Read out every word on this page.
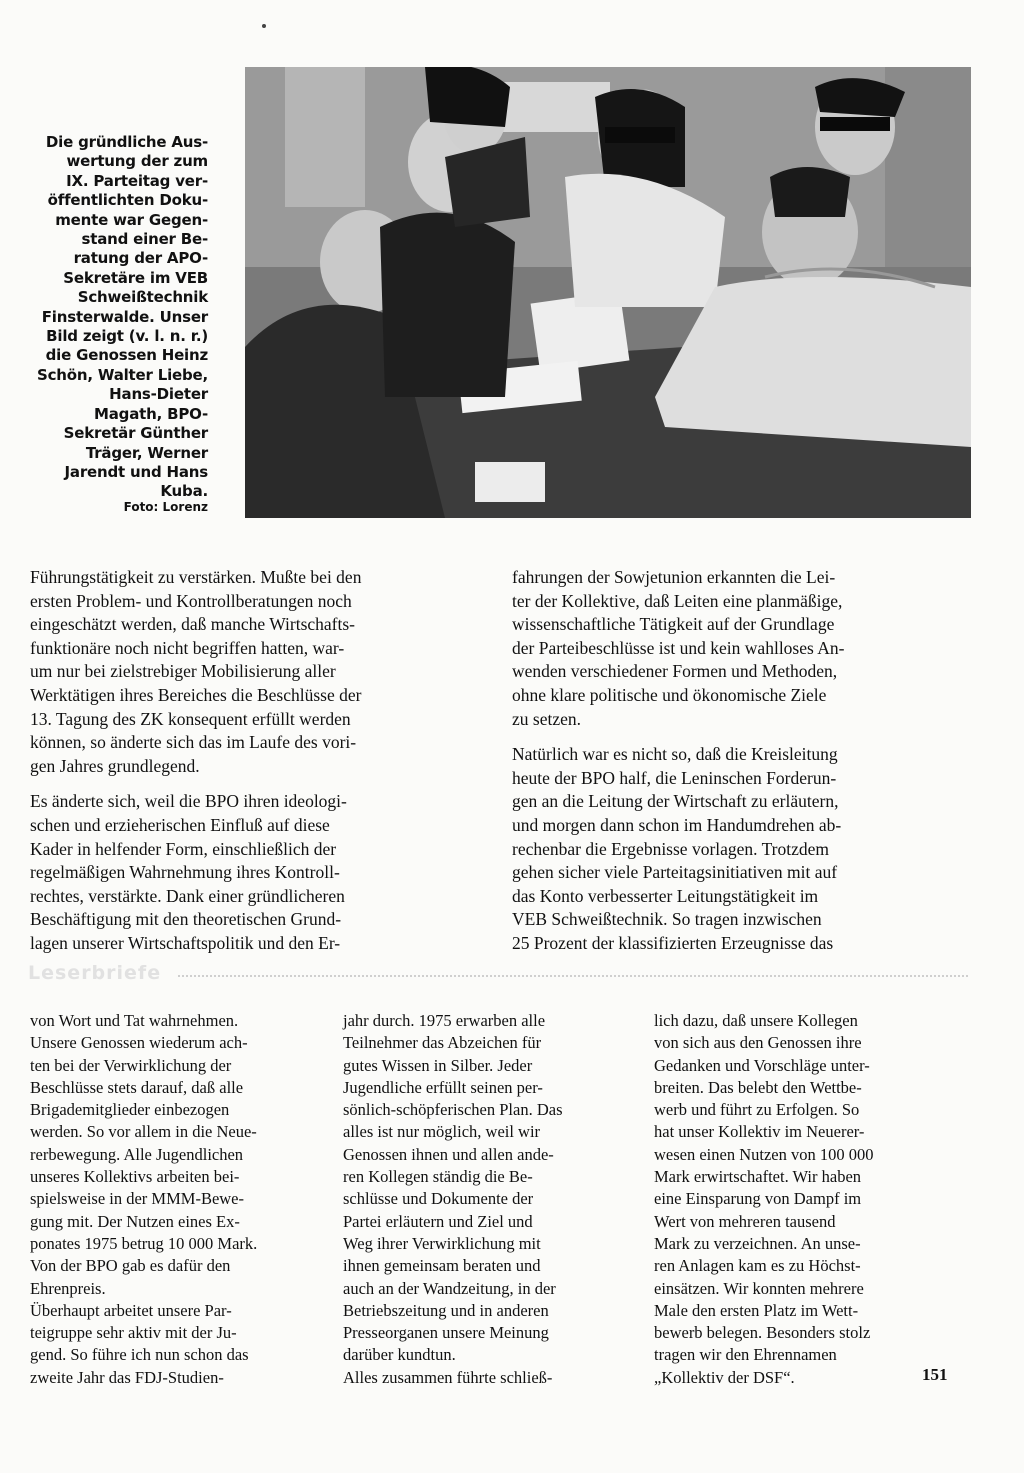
Die gründliche Aus-
wertung der zum
IX. Parteitag ver-
öffentlichten Doku-
mente war Gegen-
stand einer Be-
ratung der APO-
Sekretäre im VEB
Schweißtechnik
Finsterwalde. Unser
Bild zeigt (v. l. n. r.)
die Genossen Heinz
Schön, Walter Liebe,
Hans-Dieter
Magath, BPO-
Sekretär Günther
Träger, Werner
Jarendt und Hans
Kuba.
Foto: Lorenz
Führungstätigkeit zu verstärken. Mußte bei den
ersten Problem- und Kontrollberatungen noch
eingeschätzt werden, daß manche Wirtschafts-
funktionäre noch nicht begriffen hatten, war-
um nur bei zielstrebiger Mobilisierung aller
Werktätigen ihres Bereiches die Beschlüsse der
13. Tagung des ZK konsequent erfüllt werden
können, so änderte sich das im Laufe des vori-
gen Jahres grundlegend.
Es änderte sich, weil die BPO ihren ideologi-
schen und erzieherischen Einfluß auf diese
Kader in helfender Form, einschließlich der
regelmäßigen Wahrnehmung ihres Kontroll-
rechtes, verstärkte. Dank einer gründlicheren
Beschäftigung mit den theoretischen Grund-
lagen unserer Wirtschaftspolitik und den Er-
fahrungen der Sowjetunion erkannten die Lei-
ter der Kollektive, daß Leiten eine planmäßige,
wissenschaftliche Tätigkeit auf der Grundlage
der Parteibeschlüsse ist und kein wahlloses An-
wenden verschiedener Formen und Methoden,
ohne klare politische und ökonomische Ziele
zu setzen.
Natürlich war es nicht so, daß die Kreisleitung
heute der BPO half, die Leninschen Forderun-
gen an die Leitung der Wirtschaft zu erläutern,
und morgen dann schon im Handumdrehen ab-
rechenbar die Ergebnisse vorlagen. Trotzdem
gehen sicher viele Parteitagsinitiativen mit auf
das Konto verbesserter Leitungstätigkeit im
VEB Schweißtechnik. So tragen inzwischen
25 Prozent der klassifizierten Erzeugnisse das
Leserbriefe
von Wort und Tat wahrnehmen.
Unsere Genossen wiederum ach-
ten bei der Verwirklichung der
Beschlüsse stets darauf, daß alle
Brigademitglieder einbezogen
werden. So vor allem in die Neue-
rerbewegung. Alle Jugendlichen
unseres Kollektivs arbeiten bei-
spielsweise in der MMM-Bewe-
gung mit. Der Nutzen eines Ex-
ponates 1975 betrug 10 000 Mark.
Von der BPO gab es dafür den
Ehrenpreis.
Überhaupt arbeitet unsere Par-
teigruppe sehr aktiv mit der Ju-
gend. So führe ich nun schon das
zweite Jahr das FDJ-Studien-
jahr durch. 1975 erwarben alle
Teilnehmer das Abzeichen für
gutes Wissen in Silber. Jeder
Jugendliche erfüllt seinen per-
sönlich-schöpferischen Plan. Das
alles ist nur möglich, weil wir
Genossen ihnen und allen ande-
ren Kollegen ständig die Be-
schlüsse und Dokumente der
Partei erläutern und Ziel und
Weg ihrer Verwirklichung mit
ihnen gemeinsam beraten und
auch an der Wandzeitung, in der
Betriebszeitung und in anderen
Presseorganen unsere Meinung
darüber kundtun.
Alles zusammen führte schließ-
lich dazu, daß unsere Kollegen
von sich aus den Genossen ihre
Gedanken und Vorschläge unter-
breiten. Das belebt den Wettbe-
werb und führt zu Erfolgen. So
hat unser Kollektiv im Neuerer-
wesen einen Nutzen von 100 000
Mark erwirtschaftet. Wir haben
eine Einsparung von Dampf im
Wert von mehreren tausend
Mark zu verzeichnen. An unse-
ren Anlagen kam es zu Höchst-
einsätzen. Wir konnten mehrere
Male den ersten Platz im Wett-
bewerb belegen. Besonders stolz
tragen wir den Ehrennamen
„Kollektiv der DSF“.	151
